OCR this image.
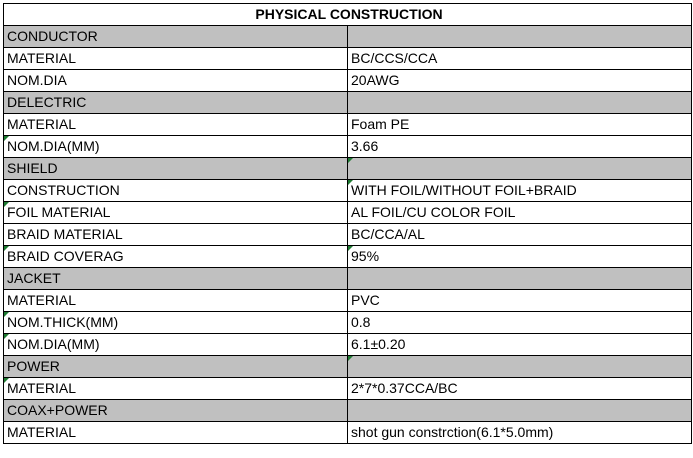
PHYSICAL CONSTRUCTION	
CONDUCTOR	
MATERIAL	BC/CCS/CCA
NOM.DIA	20AWG
DELECTRIC	
MATERIAL	Foam PE

NOM.DIA(MM)	3.66
SHIELD	

CONSTRUCTION	WITH FOIL/WITHOUT FOIL+BRAID

FOIL MATERIAL	AL FOIL/CU COLOR FOIL
BRAID MATERIAL	BC/CCA/AL

BRAID COVERAG	95%
JACKET	
MATERIAL	PVC

NOM.THICK(MM)	0.8

NOM.DIA(MM)	6.1±0.20
POWER	

MATERIAL	2*7*0.37CCA/BC
COAX+POWER	
MATERIAL	shot gun constrction(6.1*5.0mm)
